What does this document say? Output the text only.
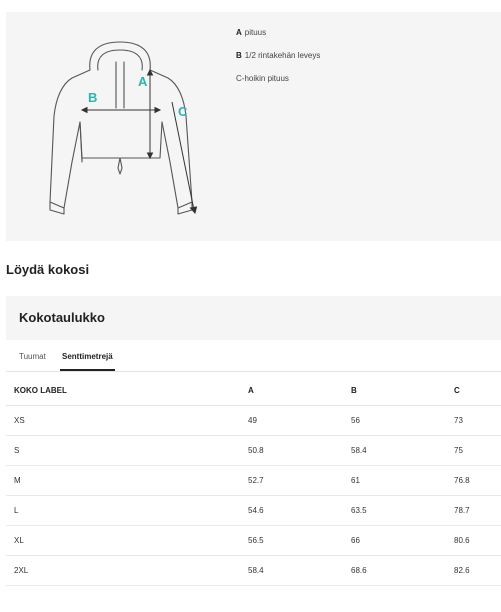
A
B
C
A pituus
B 1/2 rintakehän leveys
C-hoikin pituus
Löydä kokosi
Kokotaulukko
Tuumat Senttimetrejä
KOKO LABEL	A	B	C
XS	49	56	73
S	50.8	58.4	75
M	52.7	61	76.8
L	54.6	63.5	78.7
XL	56.5	66	80.6
2XL	58.4	68.6	82.6
